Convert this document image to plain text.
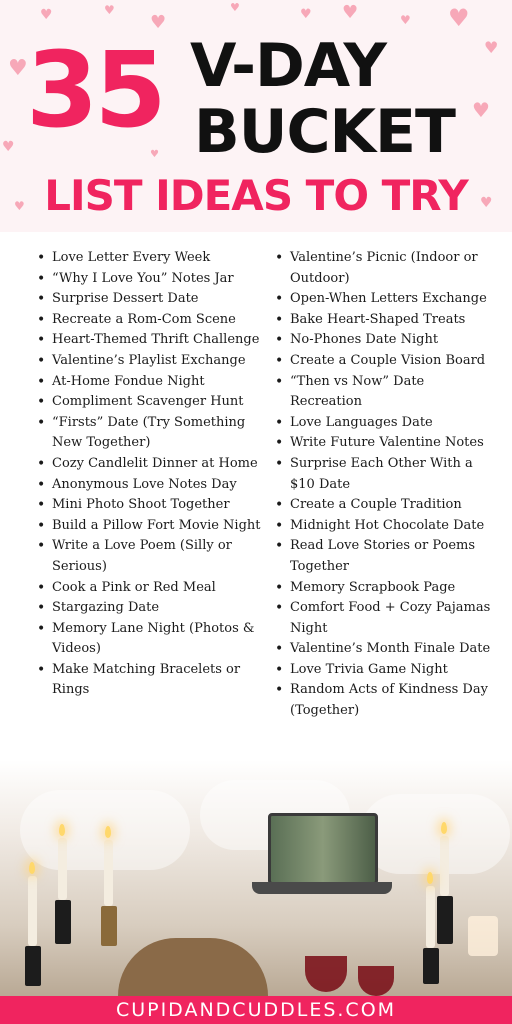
♥
♥	♥
♥
♥	♥ ♥	♥ ♥
♥
♥
♥
♥
♥
♥
35 V-DAY
BUCKET
LIST IDEAS TO TRY
• Love Letter Every Week
• “Why I Love You” Notes Jar
• Surprise Dessert Date
• Recreate a Rom-Com Scene
• Heart-Themed Thrift Challenge
• Valentine’s Playlist Exchange
• At-Home Fondue Night
• Compliment Scavenger Hunt
• “Firsts” Date (Try Something New Together)
• Cozy Candlelit Dinner at Home
• Anonymous Love Notes Day
• Mini Photo Shoot Together
• Build a Pillow Fort Movie Night
• Write a Love Poem (Silly or Serious)
• Cook a Pink or Red Meal
• Stargazing Date
• Memory Lane Night (Photos & Videos)
• Make Matching Bracelets or Rings
• Valentine’s Picnic (Indoor or Outdoor)
• Open-When Letters Exchange
• Bake Heart-Shaped Treats
• No-Phones Date Night
• Create a Couple Vision Board
• “Then vs Now” Date Recreation
• Love Languages Date
• Write Future Valentine Notes
• Surprise Each Other With a $10 Date
• Create a Couple Tradition
• Midnight Hot Chocolate Date
• Read Love Stories or Poems Together
• Memory Scrapbook Page
• Comfort Food + Cozy Pajamas Night
• Valentine’s Month Finale Date
• Love Trivia Game Night
• Random Acts of Kindness Day (Together)
CUPIDANDCUDDLES.COM
